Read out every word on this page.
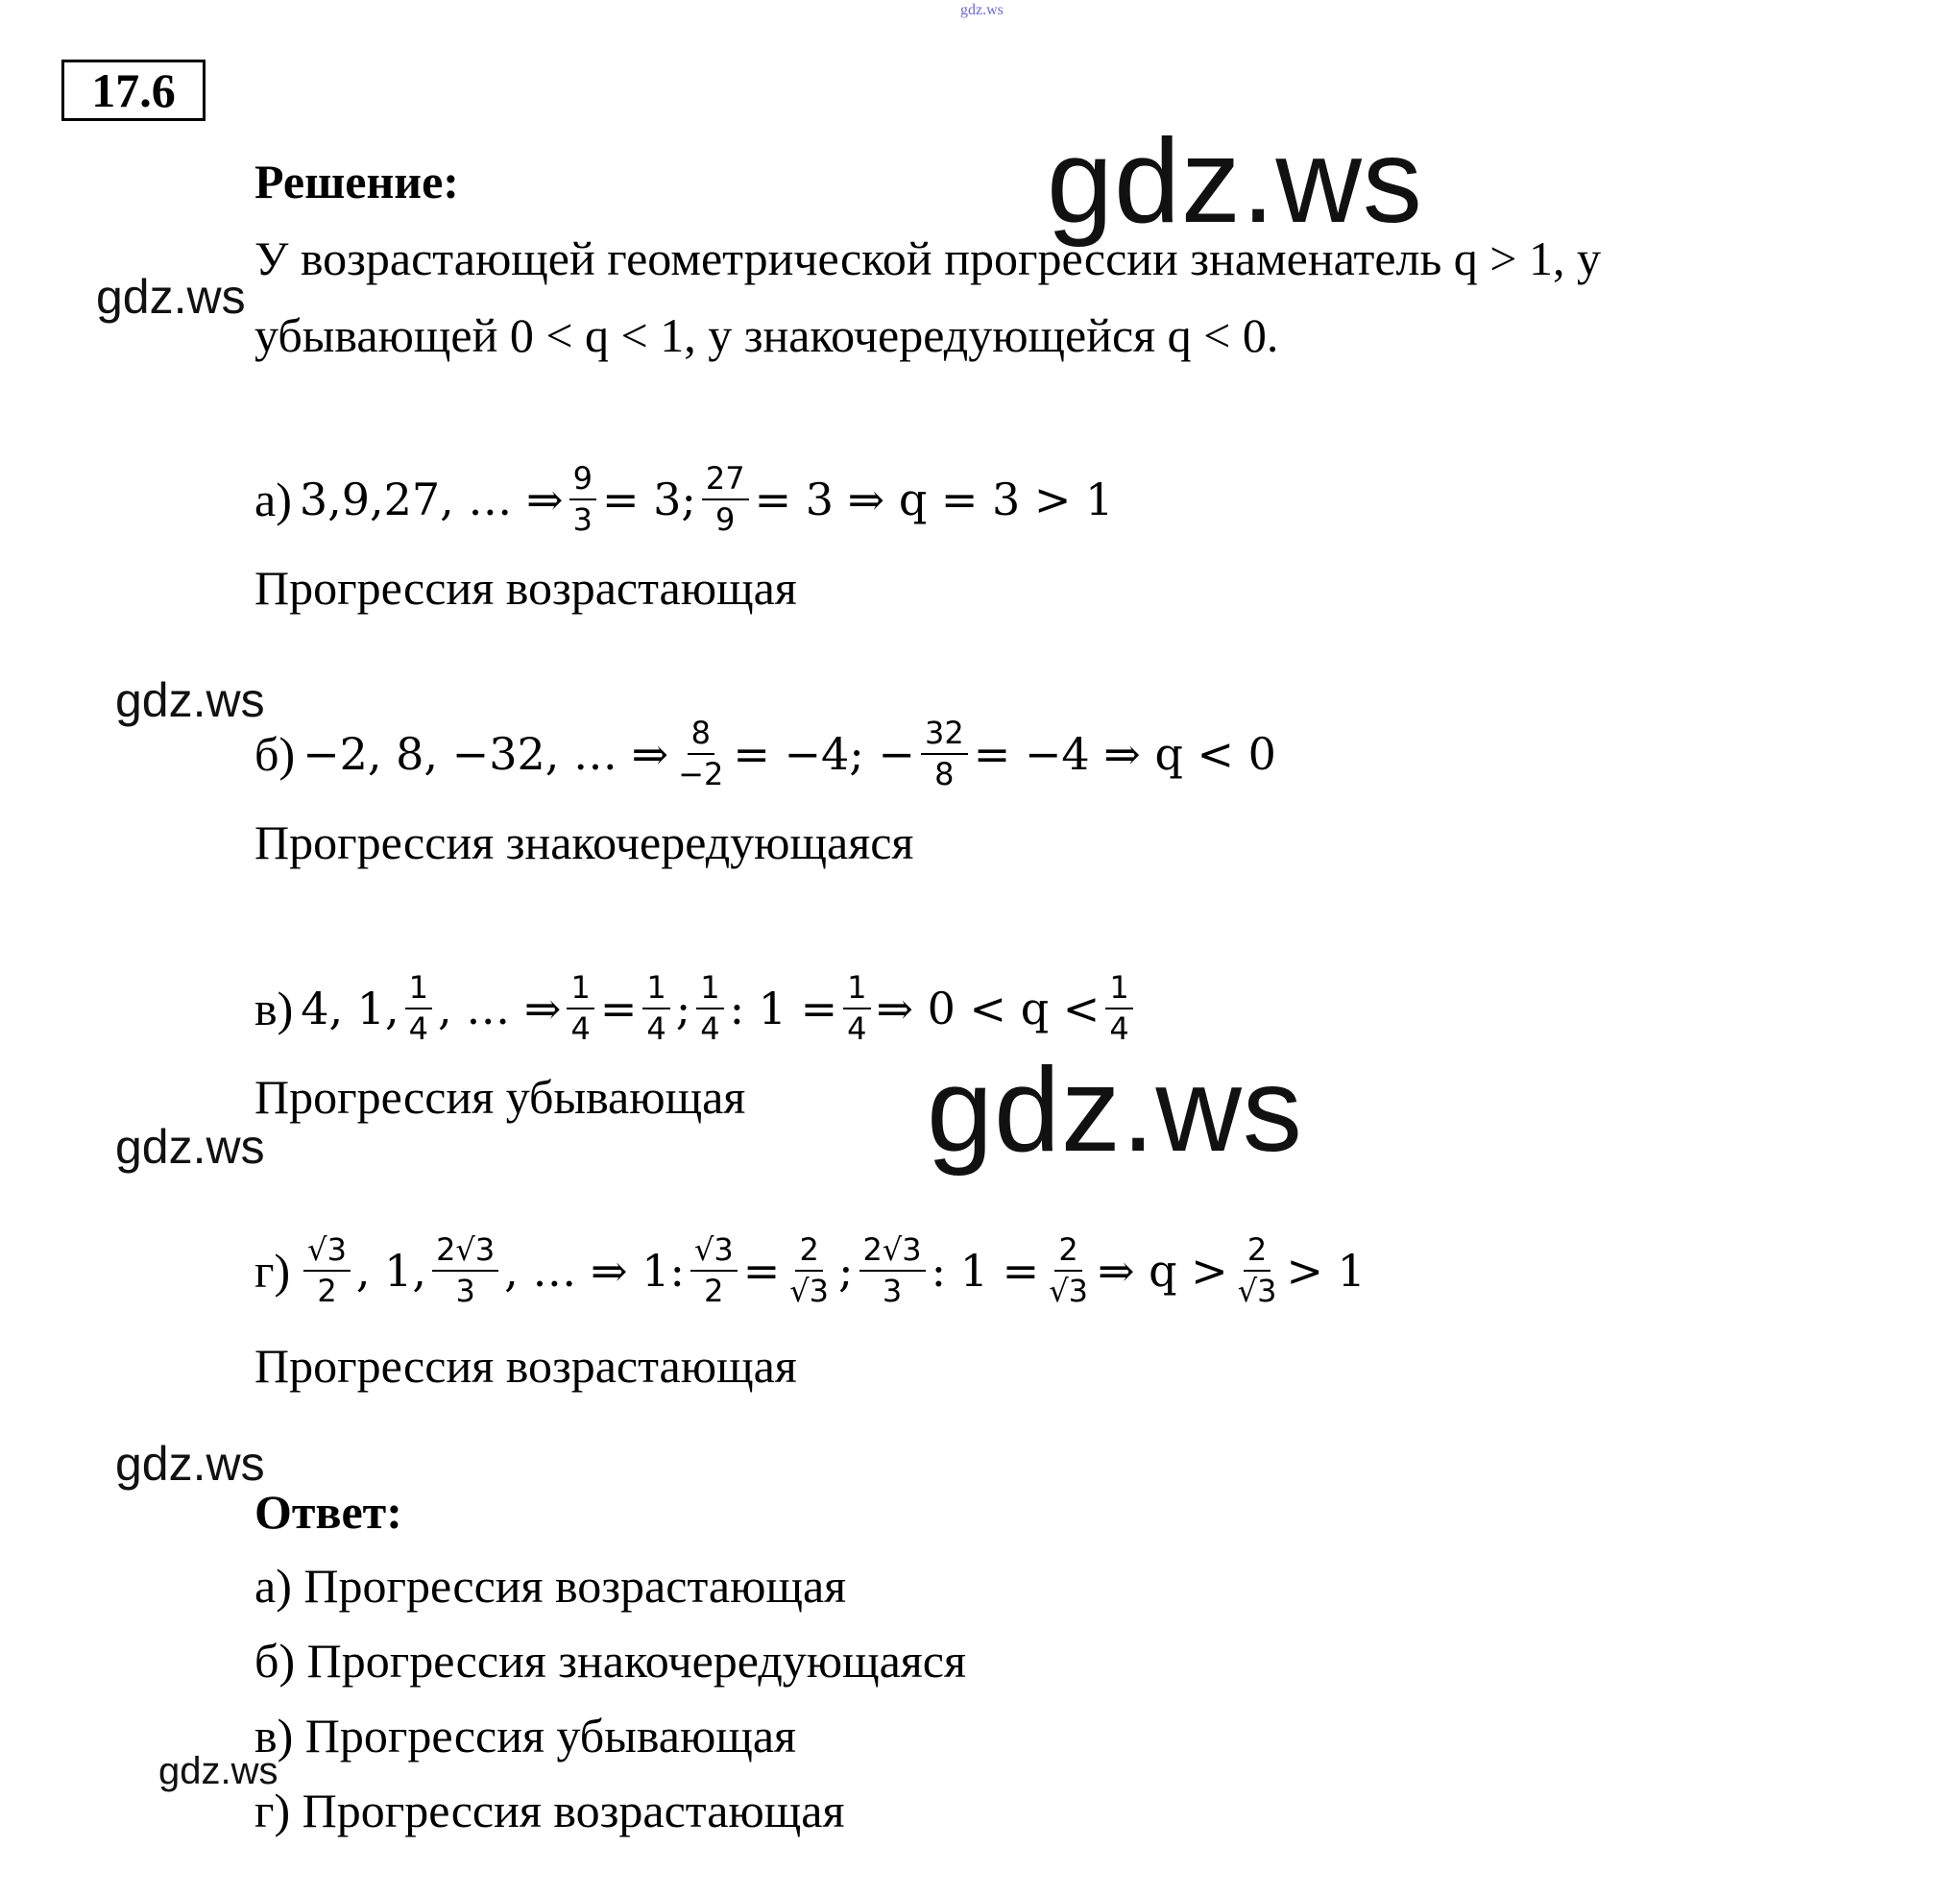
gdz.ws
17.6
gdz.ws
gdz.ws
gdz.ws
gdz.ws
gdz.ws
gdz.ws
gdz.ws
Решение:
У возрастающей геометрической прогрессии знаменатель q > 1, у
убывающей 0 < q < 1, у знакочередующейся q < 0.
а) 3,9,27, … ⇒ $\frac{9}{3} = 3$; $\frac{27}{9} = 3$ ⇒ q = 3 > 1
Прогрессия возрастающая
б) −2, 8, −32, … ⇒ $\frac{8}{-2} = -4$; − $\frac{32}{8} = -4$ ⇒ q < 0
Прогрессия знакочередующаяся
в) 4, 1, $\frac{1}{4}$ , … ⇒ $\frac{1}{4} = \frac{1}{4}$ ; $\frac{1}{4}$ : $1 = \frac{1}{4}$ ⇒ $0 < q < \frac{1}{4}$
Прогрессия убывающая
$г) \frac{√3}{2}$ , 1, $\frac{2√3}{3}$ , … ⇒ 1: $\frac{√3}{2} = \frac{2}{√3}$ ; $\frac{2√3}{3}$ : $1 = \frac{2}{√3}$ ⇒ $q > \frac{2}{√3} > 1$
Прогрессия возрастающая
Ответ:
а) Прогрессия возрастающая
б) Прогрессия знакочередующаяся
в) Прогрессия убывающая
г) Прогрессия возрастающая
